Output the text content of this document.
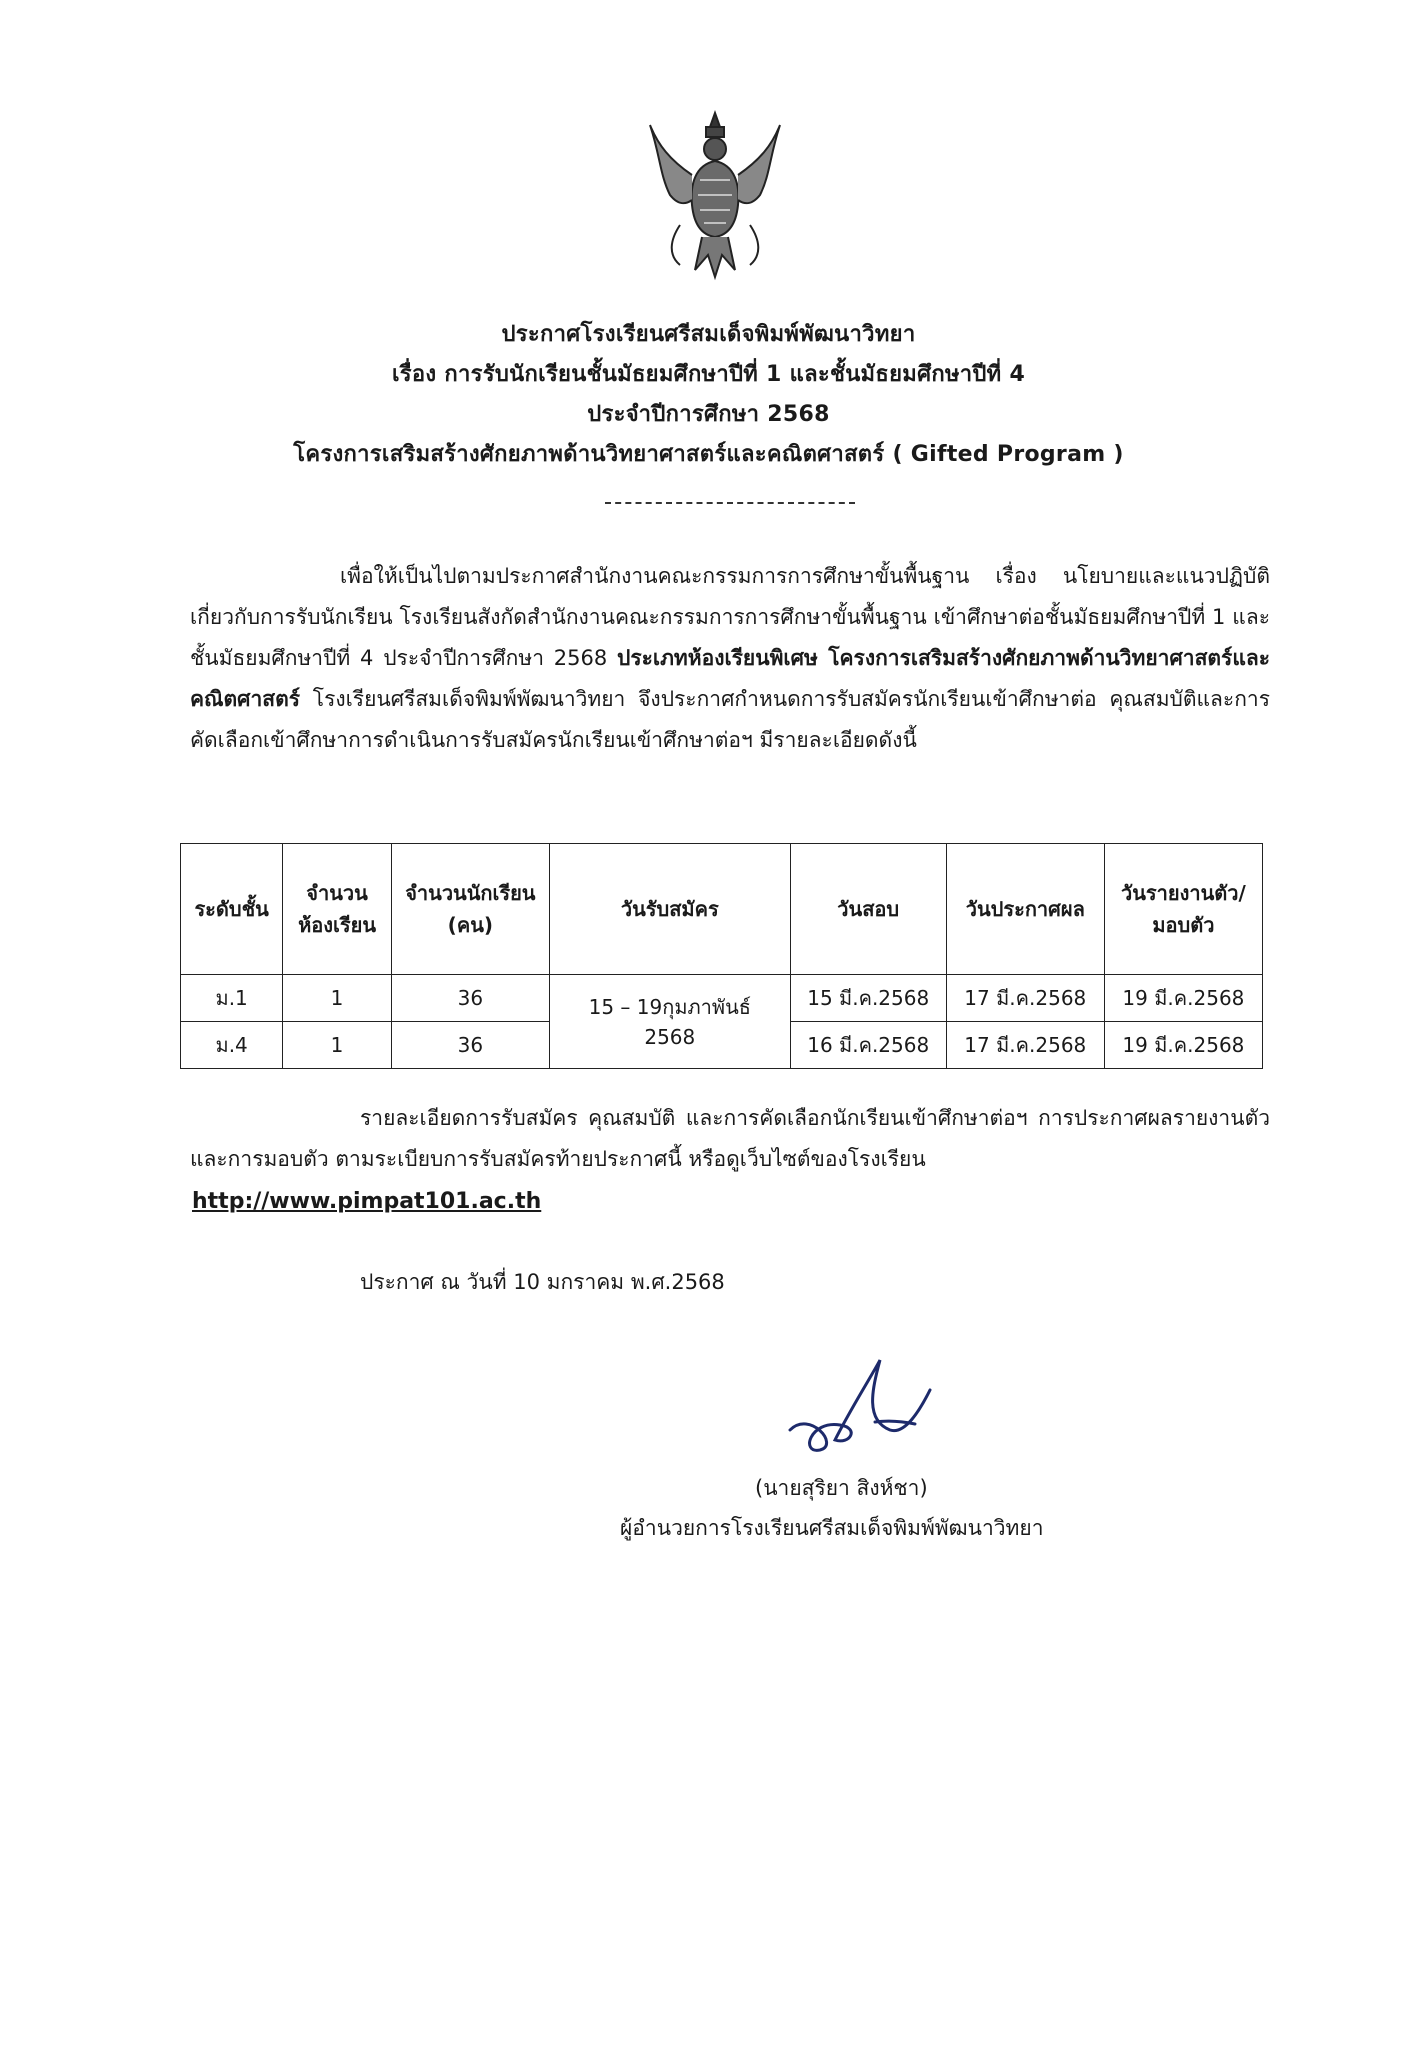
ประกาศโรงเรียนศรีสมเด็จพิมพ์พัฒนาวิทยา
เรื่อง การรับนักเรียนชั้นมัธยมศึกษาปีที่ 1 และชั้นมัธยมศึกษาปีที่ 4
ประจำปีการศึกษา 2568
โครงการเสริมสร้างศักยภาพด้านวิทยาศาสตร์และคณิตศาสตร์ ( Gifted Program )
เพื่อให้เป็นไปตามประกาศสำนักงานคณะกรรมการการศึกษาขั้นพื้นฐาน เรื่อง นโยบายและแนวปฏิบัติเกี่ยวกับการรับนักเรียน โรงเรียนสังกัดสำนักงานคณะกรรมการการศึกษาขั้นพื้นฐาน เข้าศึกษาต่อชั้นมัธยมศึกษาปีที่ 1 และชั้นมัธยมศึกษาปีที่ 4 ประจำปีการศึกษา 2568 ประเภทห้องเรียนพิเศษ โครงการเสริมสร้างศักยภาพด้านวิทยาศาสตร์และคณิตศาสตร์ โรงเรียนศรีสมเด็จพิมพ์พัฒนาวิทยา จึงประกาศกำหนดการรับสมัครนักเรียนเข้าศึกษาต่อ คุณสมบัติและการคัดเลือกเข้าศึกษาการดำเนินการรับสมัครนักเรียนเข้าศึกษาต่อฯ มีรายละเอียดดังนี้
ระดับชั้น	จำนวนห้องเรียน	จำนวนนักเรียน (คน)	วันรับสมัคร	วันสอบ	วันประกาศผล	วันรายงานตัว/มอบตัว
ม.1	1	36	15 – 19กุมภาพันธ์ 2568	15 มี.ค.2568	17 มี.ค.2568	19 มี.ค.2568
ม.4	1	36		16 มี.ค.2568	17 มี.ค.2568	19 มี.ค.2568
รายละเอียดการรับสมัคร คุณสมบัติ และการคัดเลือกนักเรียนเข้าศึกษาต่อฯ การประกาศผลรายงานตัว และการมอบตัว ตามระเบียบการรับสมัครท้ายประกาศนี้ หรือดูเว็บไซต์ของโรงเรียน
http://www.pimpat101.ac.th
ประกาศ ณ วันที่ 10 มกราคม พ.ศ.2568
(นายสุริยา สิงห์ชา)
ผู้อำนวยการโรงเรียนศรีสมเด็จพิมพ์พัฒนาวิทยา
